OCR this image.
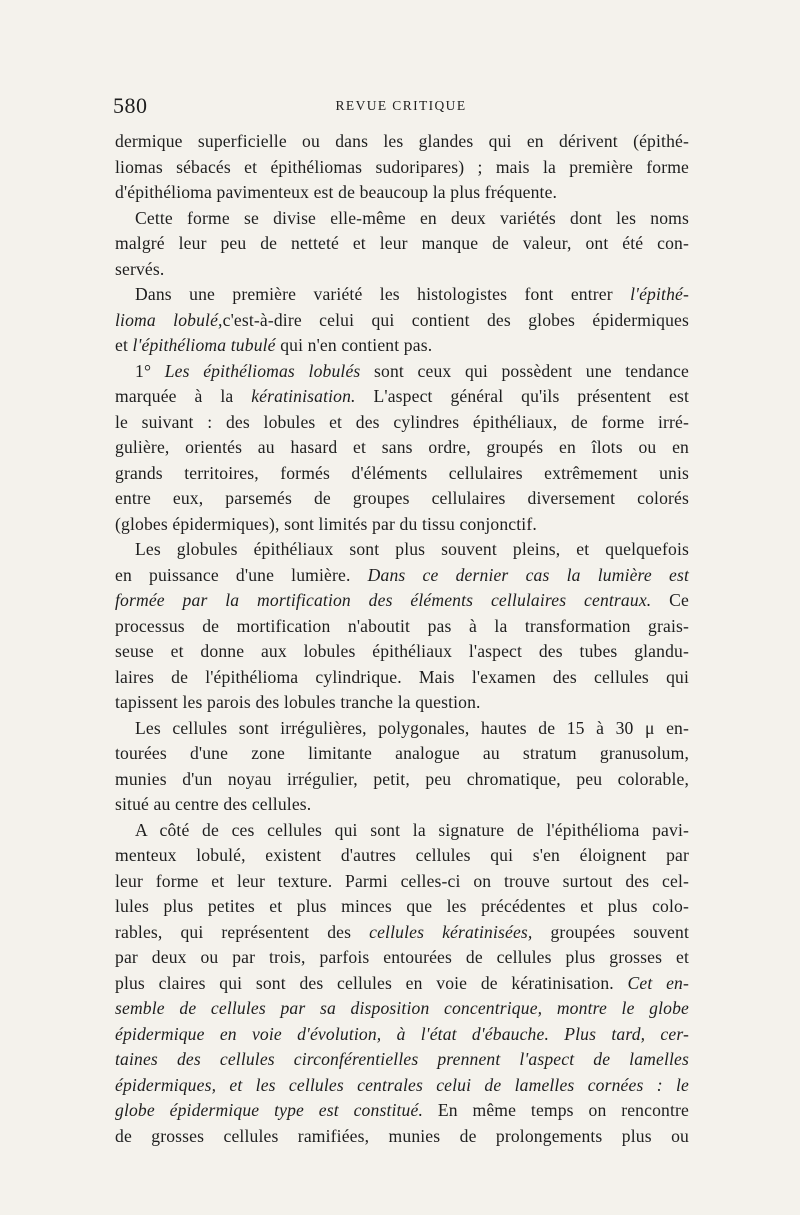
580	REVUE CRITIQUE
dermique superficielle ou dans les glandes qui en dérivent (épithé-
liomas sébacés et épithéliomas sudoripares) ; mais la première forme
d'épithélioma pavimenteux est de beaucoup la plus fréquente.
Cette forme se divise elle-même en deux variétés dont les noms
malgré leur peu de netteté et leur manque de valeur, ont été con-
servés.
Dans une première variété les histologistes font entrer l'épithé-
lioma lobulé,c'est-à-dire celui qui contient des globes épidermiques
et l'épithélioma tubulé qui n'en contient pas.
1° Les épithéliomas lobulés sont ceux qui possèdent une tendance
marquée à la kératinisation. L'aspect général qu'ils présentent est
le suivant : des lobules et des cylindres épithéliaux, de forme irré-
gulière, orientés au hasard et sans ordre, groupés en îlots ou en
grands territoires, formés d'éléments cellulaires extrêmement unis
entre eux, parsemés de groupes cellulaires diversement colorés
(globes épidermiques), sont limités par du tissu conjonctif.
Les globules épithéliaux sont plus souvent pleins, et quelquefois
en puissance d'une lumière. Dans ce dernier cas la lumière est
formée par la mortification des éléments cellulaires centraux. Ce
processus de mortification n'aboutit pas à la transformation grais-
seuse et donne aux lobules épithéliaux l'aspect des tubes glandu-
laires de l'épithélioma cylindrique. Mais l'examen des cellules qui
tapissent les parois des lobules tranche la question.
Les cellules sont irrégulières, polygonales, hautes de 15 à 30 μ en-
tourées d'une zone limitante analogue au stratum granusolum,
munies d'un noyau irrégulier, petit, peu chromatique, peu colorable,
situé au centre des cellules.
A côté de ces cellules qui sont la signature de l'épithélioma pavi-
menteux lobulé, existent d'autres cellules qui s'en éloignent par
leur forme et leur texture. Parmi celles-ci on trouve surtout des cel-
lules plus petites et plus minces que les précédentes et plus colo-
rables, qui représentent des cellules kératinisées, groupées souvent
par deux ou par trois, parfois entourées de cellules plus grosses et
plus claires qui sont des cellules en voie de kératinisation. Cet en-
semble de cellules par sa disposition concentrique, montre le globe
épidermique en voie d'évolution, à l'état d'ébauche. Plus tard, cer-
taines des cellules circonférentielles prennent l'aspect de lamelles
épidermiques, et les cellules centrales celui de lamelles cornées : le
globe épidermique type est constitué. En même temps on rencontre
de grosses cellules ramifiées, munies de prolongements plus ou
